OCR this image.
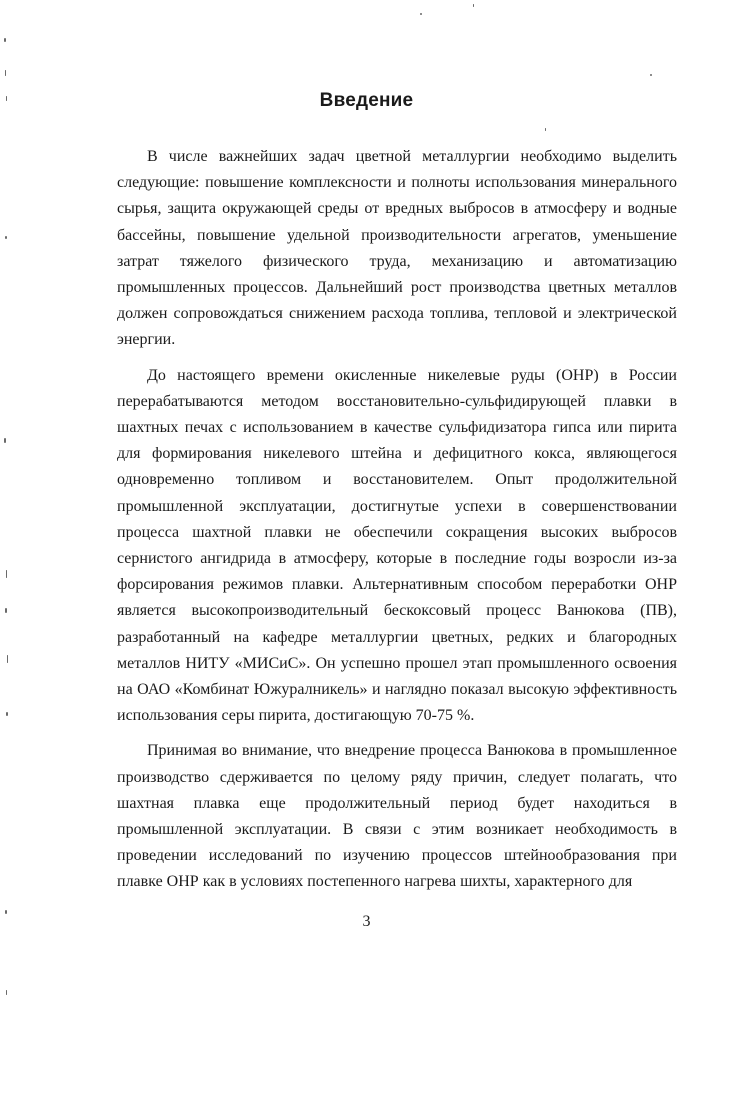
Введение

В числе важнейших задач цветной металлургии необходимо выделить следующие: повышение комплексности и полноты использования минерального сырья, защита окружающей среды от вредных выбросов в атмосферу и водные бассейны, повышение удельной производительности агрегатов, уменьшение затрат тяжелого физического труда, механизацию и автоматизацию промышленных процессов. Дальнейший рост производства цветных металлов должен сопровождаться снижением расхода топлива, тепловой и электрической энергии.

До настоящего времени окисленные никелевые руды (ОНР) в России перерабатываются методом восстановительно-сульфидирующей плавки в шахтных печах с использованием в качестве сульфидизатора гипса или пирита для формирования никелевого штейна и дефицитного кокса, являющегося одновременно топливом и восстановителем. Опыт продолжительной промышленной эксплуатации, достигнутые успехи в совершенствовании процесса шахтной плавки не обеспечили сокращения высоких выбросов сернистого ангидрида в атмосферу, которые в последние годы возросли из-за форсирования режимов плавки. Альтернативным способом переработки ОНР является высокопроизводительный бескоксовый процесс Ванюкова (ПВ), разработанный на кафедре металлургии цветных, редких и благородных металлов НИТУ «МИСиС». Он успешно прошел этап промышленного освоения на ОАО «Комбинат Южуралникель» и наглядно показал высокую эффективность использования серы пирита, достигающую 70-75 %.

Принимая во внимание, что внедрение процесса Ванюкова в промышленное производство сдерживается по целому ряду причин, следует полагать, что шахтная плавка еще продолжительный период будет находиться в промышленной эксплуатации. В связи с этим возникает необходимость в проведении исследований по изучению процессов штейнообразования при плавке ОНР как в условиях постепенного нагрева шихты, характерного для

3
